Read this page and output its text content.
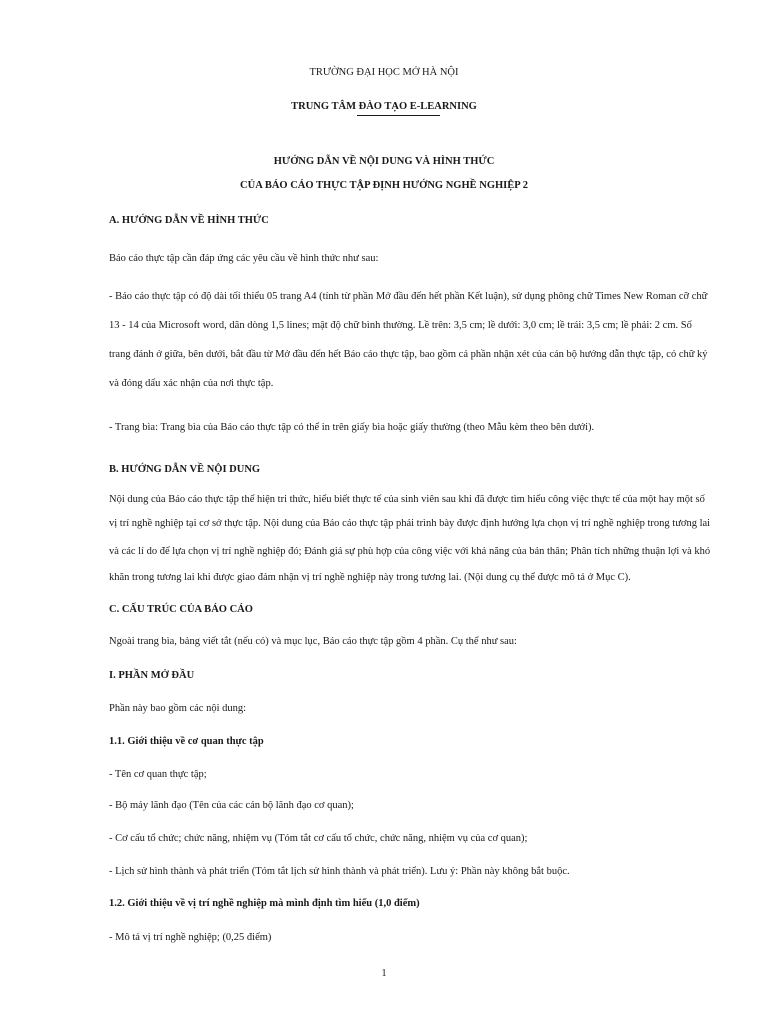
TRƯỜNG ĐẠI HỌC MỞ HÀ NỘI
TRUNG TÂM ĐÀO TẠO E-LEARNING
HƯỚNG DẪN VỀ NỘI DUNG VÀ HÌNH THỨC
CỦA BÁO CÁO THỰC TẬP ĐỊNH HƯỚNG NGHỀ NGHIỆP 2
A. HƯỚNG DẪN VỀ HÌNH THỨC
Báo cáo thực tập cần đáp ứng các yêu cầu về hình thức như sau:
- Báo cáo thực tập có độ dài tối thiểu 05 trang A4 (tính từ phần Mở đầu đến hết phần Kết luận), sử dụng phông chữ Times New Roman cỡ chữ
13 - 14 của Microsoft word, dãn dòng 1,5 lines; mật độ chữ bình thường. Lề trên: 3,5 cm; lề dưới: 3,0 cm; lề trái: 3,5 cm; lề phải: 2 cm. Số
trang đánh ở giữa, bên dưới, bắt đầu từ Mở đầu đến hết Báo cáo thực tập, bao gồm cả phần nhận xét của cán bộ hướng dẫn thực tập, có chữ ký
và đóng dấu xác nhận của nơi thực tập.
- Trang bìa: Trang bìa của Báo cáo thực tập có thể in trên giấy bìa hoặc giấy thường (theo Mẫu kèm theo bên dưới).
B. HƯỚNG DẪN VỀ NỘI DUNG
Nội dung của Báo cáo thực tập thể hiện tri thức, hiểu biết thực tế của sinh viên sau khi đã được tìm hiểu công việc thực tế của một hay một số
vị trí nghề nghiệp tại cơ sở thực tập. Nội dung của Báo cáo thực tập phải trình bày được định hướng lựa chọn vị trí nghề nghiệp trong tương lai
và các lí do để lựa chọn vị trí nghề nghiệp đó; Đánh giá sự phù hợp của công việc với khả năng của bản thân; Phân tích những thuận lợi và khó
khăn trong tương lai khi được giao đảm nhận vị trí nghề nghiệp này trong tương lai. (Nội dung cụ thể được mô tả ở Mục C).
C. CẤU TRÚC CỦA BÁO CÁO
Ngoài trang bìa, bảng viết tắt (nếu có) và mục lục, Báo cáo thực tập gồm 4 phần. Cụ thể như sau:
I. PHẦN MỞ ĐẦU
Phần này bao gồm các nội dung:
1.1. Giới thiệu về cơ quan thực tập
- Tên cơ quan thực tập;
- Bộ máy lãnh đạo (Tên của các cán bộ lãnh đạo cơ quan);
- Cơ cấu tổ chức; chức năng, nhiệm vụ (Tóm tắt cơ cấu tổ chức, chức năng, nhiệm vụ của cơ quan);
- Lịch sử hình thành và phát triển (Tóm tắt lịch sử hình thành và phát triển). Lưu ý: Phần này không bắt buộc.
1.2. Giới thiệu về vị trí nghề nghiệp mà mình định tìm hiểu (1,0 điểm)
- Mô tả vị trí nghề nghiệp; (0,25 điểm)
1
